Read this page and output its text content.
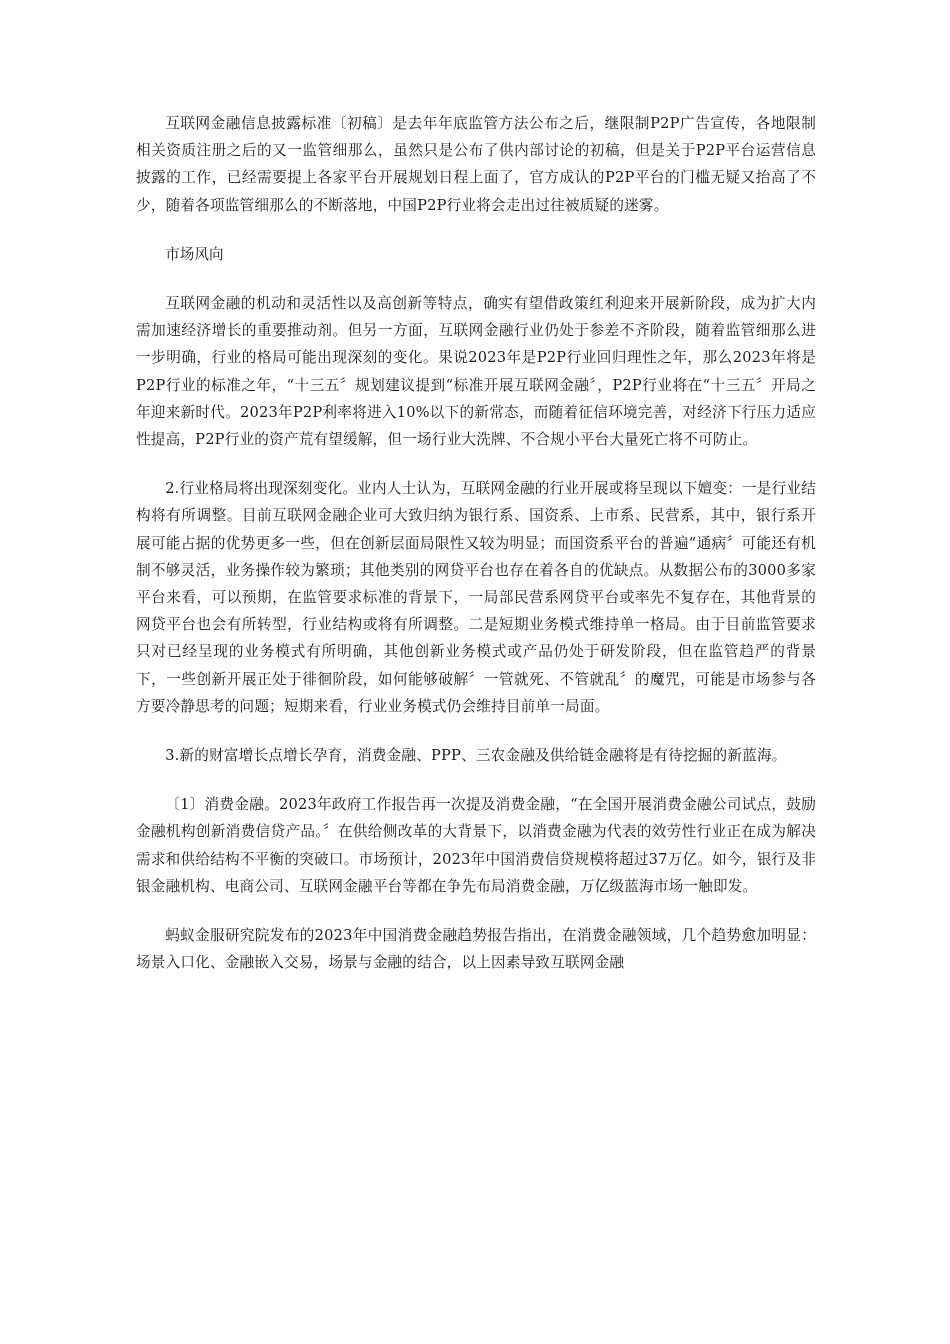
互联网金融信息披露标准〔初稿〕是去年年底监管方法公布之后，继限制P2P广告宣传，各地限制相关资质注册之后的又一监管细那么，虽然只是公布了供内部讨论的初稿，但是关于P2P平台运营信息披露的工作，已经需要提上各家平台开展规划日程上面了，官方成认的P2P平台的门槛无疑又抬高了不少，随着各项监管细那么的不断落地，中国P2P行业将会走出过往被质疑的迷雾。

市场风向

互联网金融的机动和灵活性以及高创新等特点，确实有望借政策红利迎来开展新阶段，成为扩大内需加速经济增长的重要推动剂。但另一方面，互联网金融行业仍处于参差不齐阶段，随着监管细那么进一步明确，行业的格局可能出现深刻的变化。果说2023年是P2P行业回归理性之年，那么2023年将是P2P行业的标准之年，“十三五〞规划建议提到“标准开展互联网金融〞，P2P行业将在“十三五〞开局之年迎来新时代。2023年P2P利率将进入10%以下的新常态，而随着征信环境完善，对经济下行压力适应性提高，P2P行业的资产荒有望缓解，但一场行业大洗牌、不合规小平台大量死亡将不可防止。

2.行业格局将出现深刻变化。业内人士认为，互联网金融的行业开展或将呈现以下嬗变：一是行业结构将有所调整。目前互联网金融企业可大致归纳为银行系、国资系、上市系、民营系，其中，银行系开展可能占据的优势更多一些，但在创新层面局限性又较为明显；而国资系平台的普遍“通病〞可能还有机制不够灵活，业务操作较为繁琐；其他类别的网贷平台也存在着各自的优缺点。从数据公布的3000多家平台来看，可以预期，在监管要求标准的背景下，一局部民营系网贷平台或率先不复存在，其他背景的网贷平台也会有所转型，行业结构或将有所调整。二是短期业务模式维持单一格局。由于目前监管要求只对已经呈现的业务模式有所明确，其他创新业务模式或产品仍处于研发阶段，但在监管趋严的背景下，一些创新开展正处于徘徊阶段，如何能够破解〞一管就死、不管就乱〞的魔咒，可能是市场参与各方要冷静思考的问题；短期来看，行业业务模式仍会维持目前单一局面。

3.新的财富增长点增长孕育，消费金融、PPP、三农金融及供给链金融将是有待挖掘的新蓝海。

〔1〕消费金融。2023年政府工作报告再一次提及消费金融，“在全国开展消费金融公司试点，鼓励金融机构创新消费信贷产品。〞在供给侧改革的大背景下，以消费金融为代表的效劳性行业正在成为解决需求和供给结构不平衡的突破口。市场预计，2023年中国消费信贷规模将超过37万亿。如今，银行及非银金融机构、电商公司、互联网金融平台等都在争先布局消费金融，万亿级蓝海市场一触即发。

蚂蚁金服研究院发布的2023年中国消费金融趋势报告指出，在消费金融领域，几个趋势愈加明显：场景入口化、金融嵌入交易，场景与金融的结合，以上因素导致互联网金融
